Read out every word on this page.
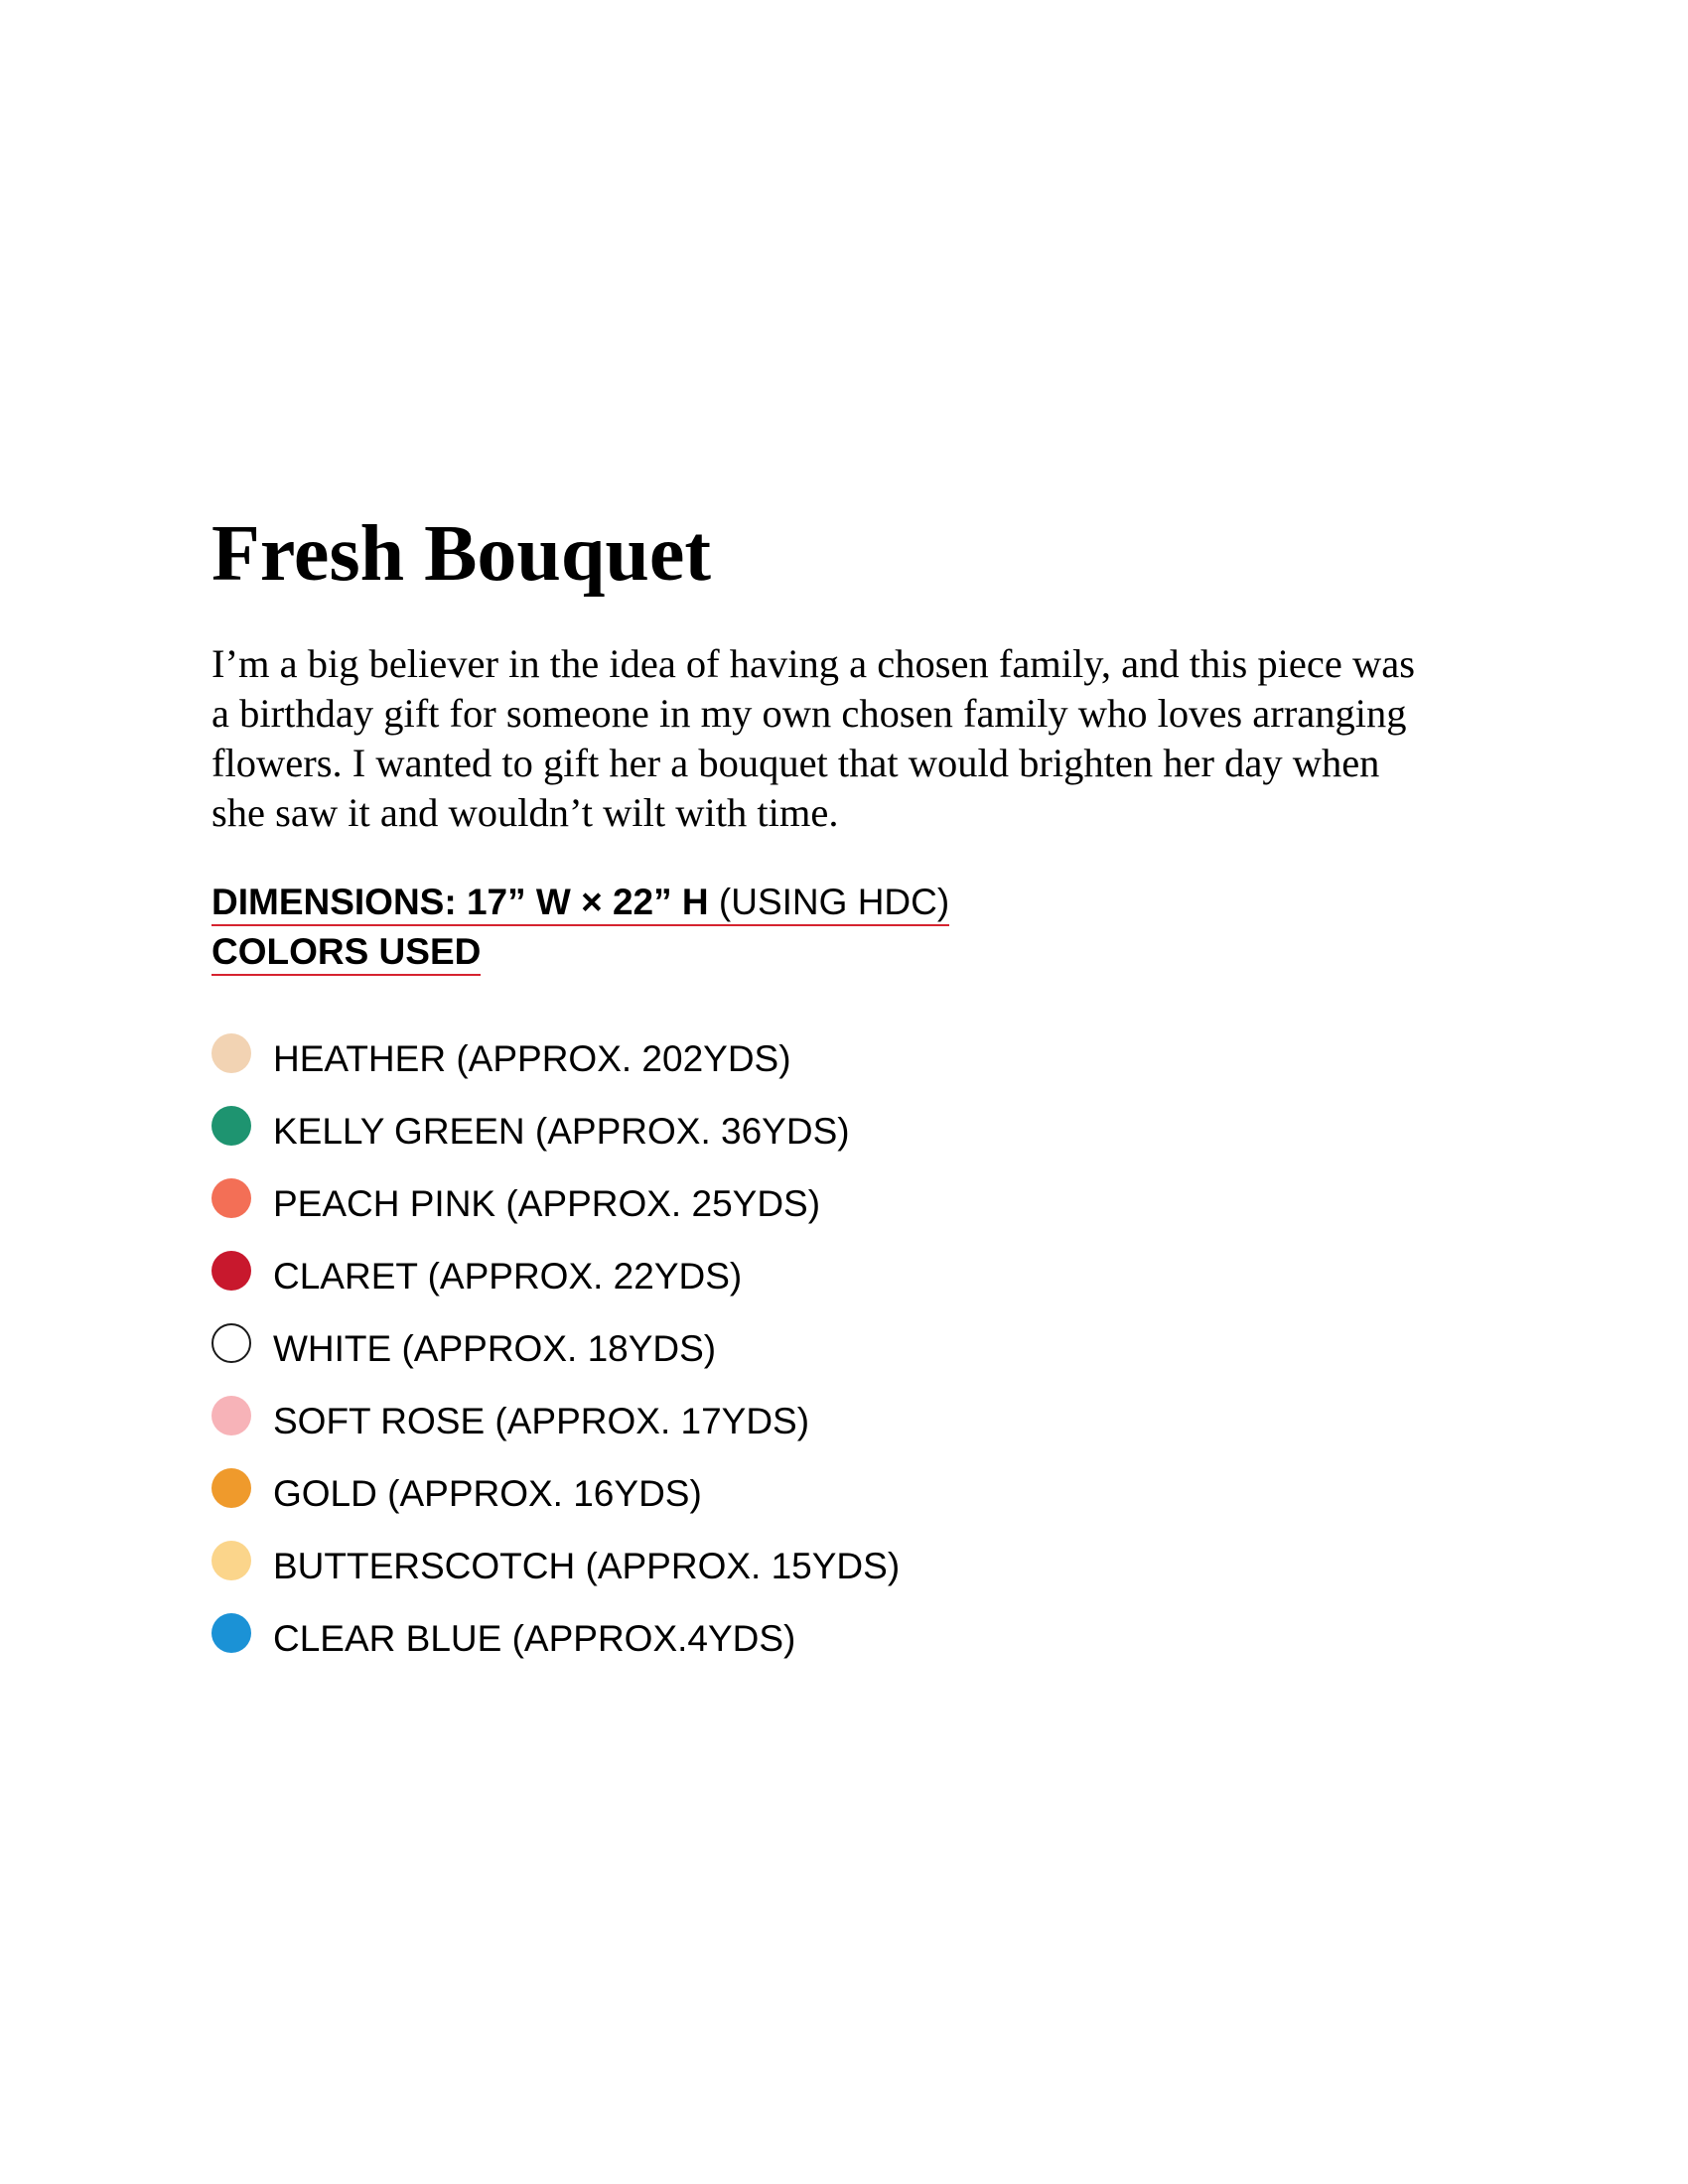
Fresh Bouquet
I’m a big believer in the idea of having a chosen family, and this piece was
a birthday gift for someone in my own chosen family who loves arranging
flowers. I wanted to gift her a bouquet that would brighten her day when
she saw it and wouldn’t wilt with time.
DIMENSIONS: 17” W × 22” H (USING HDC)
COLORS USED
HEATHER (APPROX. 202YDS)
KELLY GREEN (APPROX. 36YDS)
PEACH PINK (APPROX. 25YDS)
CLARET (APPROX. 22YDS)
WHITE (APPROX. 18YDS)
SOFT ROSE (APPROX. 17YDS)
GOLD (APPROX. 16YDS)
BUTTERSCOTCH (APPROX. 15YDS)
CLEAR BLUE (APPROX.4YDS)
